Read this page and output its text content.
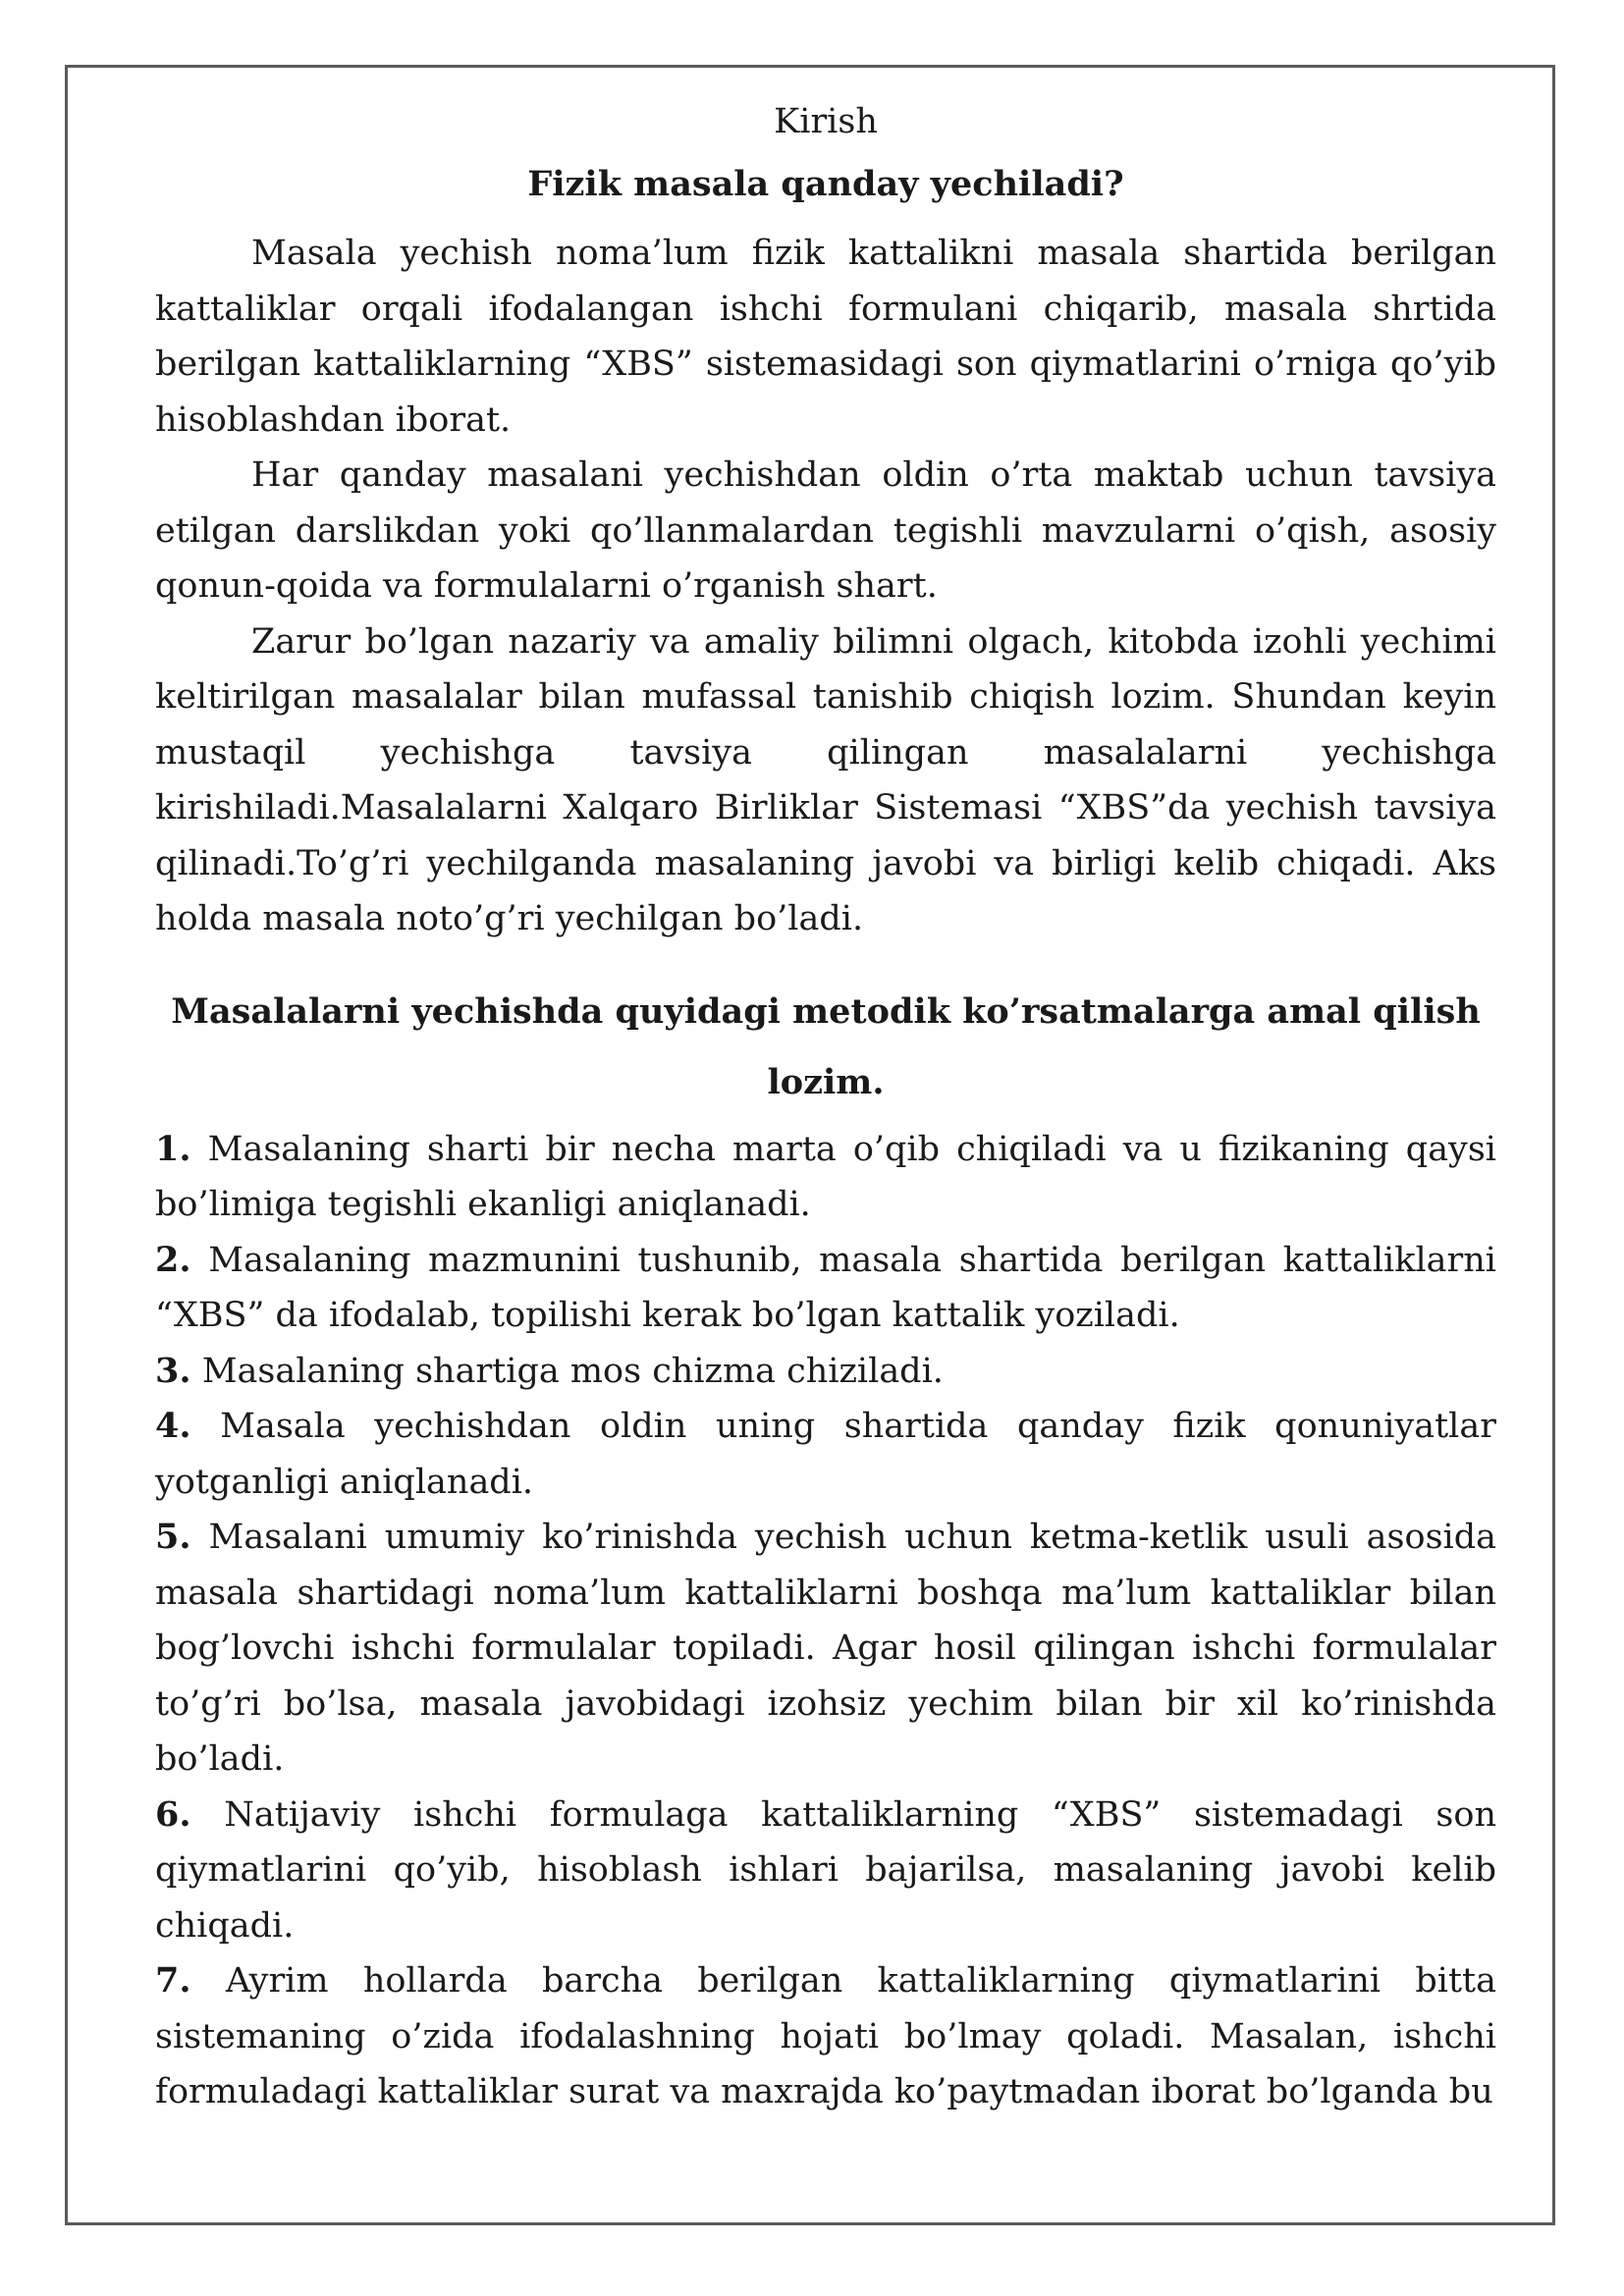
Kirish

Fizik masala qanday yechiladi?

Masala yechish noma’lum fizik kattalikni masala shartida berilgan kattaliklar orqali ifodalangan ishchi formulani chiqarib, masala shrtida berilgan kattaliklarning “XBS” sistemasidagi son qiymatlarini o’rniga qo’yib hisoblashdan iborat.

Har qanday masalani yechishdan oldin o’rta maktab uchun tavsiya etilgan darslikdan yoki qo’llanmalardan tegishli mavzularni o’qish, asosiy qonun-qoida va formulalarni o’rganish shart.

Zarur bo’lgan nazariy va amaliy bilimni olgach, kitobda izohli yechimi keltirilgan masalalar bilan mufassal tanishib chiqish lozim. Shundan keyin mustaqil yechishga tavsiya qilingan masalalarni yechishga kirishiladi.Masalalarni Xalqaro Birliklar Sistemasi “XBS”da yechish tavsiya qilinadi.To’g’ri yechilganda masalaning javobi va birligi kelib chiqadi. Aks holda masala noto’g’ri yechilgan bo’ladi.

Masalalarni yechishda quyidagi metodik ko’rsatmalarga amal qilish lozim.

1. Masalaning sharti bir necha marta o’qib chiqiladi va u fizikaning qaysi bo’limiga tegishli ekanligi aniqlanadi.

2. Masalaning mazmunini tushunib, masala shartida berilgan kattaliklarni “XBS” da ifodalab, topilishi kerak bo’lgan kattalik yoziladi.

3. Masalaning shartiga mos chizma chiziladi.

4. Masala yechishdan oldin uning shartida qanday fizik qonuniyatlar yotganligi aniqlanadi.

5. Masalani umumiy ko’rinishda yechish uchun ketma-ketlik usuli asosida masala shartidagi noma’lum kattaliklarni boshqa ma’lum kattaliklar bilan bog’lovchi ishchi formulalar topiladi. Agar hosil qilingan ishchi formulalar to’g’ri bo’lsa, masala javobidagi izohsiz yechim bilan bir xil ko’rinishda bo’ladi.

6. Natijaviy ishchi formulaga kattaliklarning “XBS” sistemadagi son qiymatlarini qo’yib, hisoblash ishlari bajarilsa, masalaning javobi kelib chiqadi.

7. Ayrim hollarda barcha berilgan kattaliklarning qiymatlarini bitta sistemaning o’zida ifodalashning hojati bo’lmay qoladi. Masalan, ishchi formuladagi kattaliklar surat va maxrajda ko’paytmadan iborat bo’lganda bu
